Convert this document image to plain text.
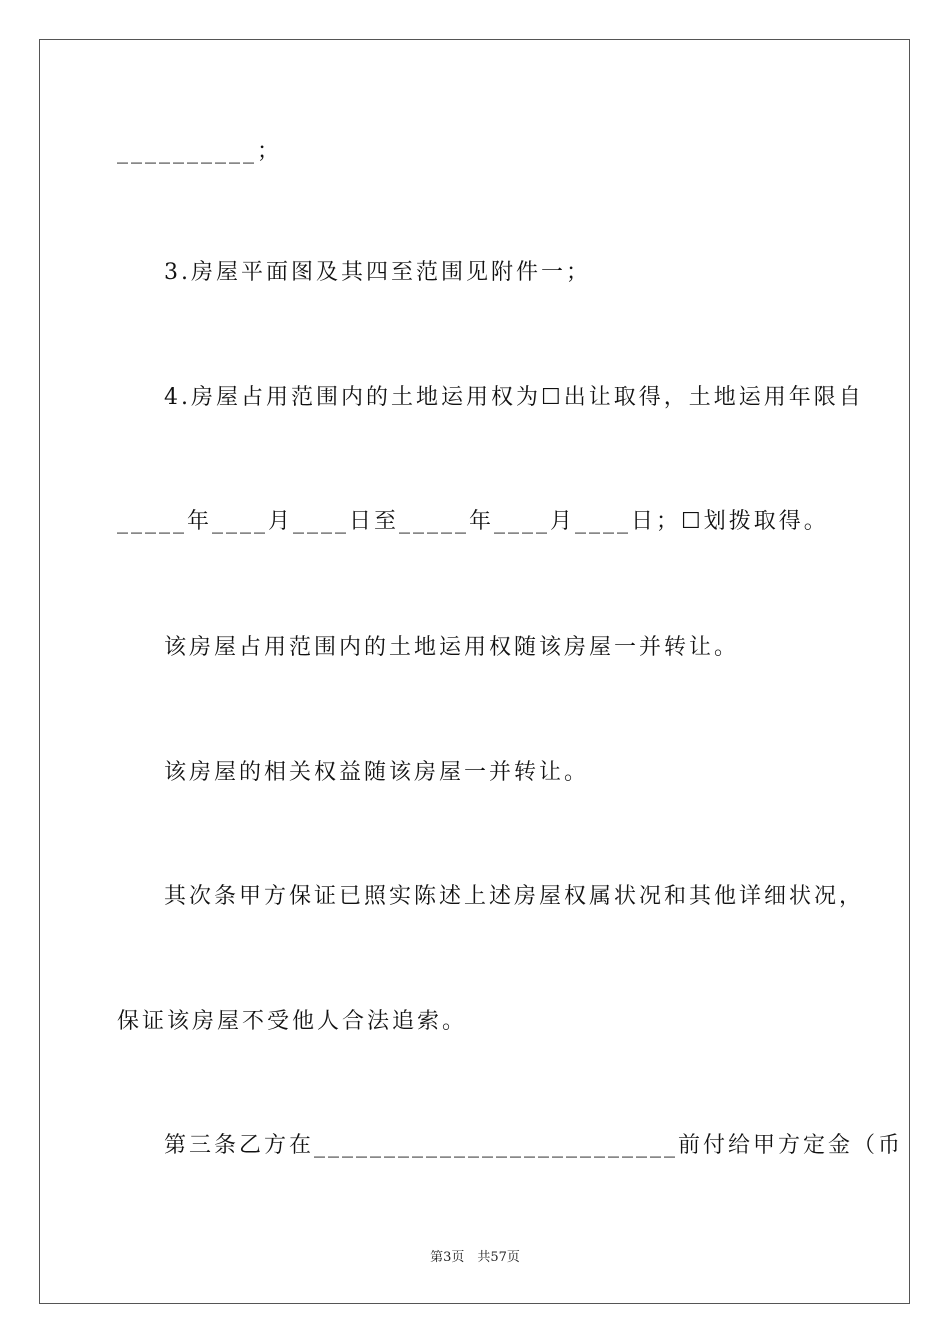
__________；
3.房屋平面图及其四至范围见附件一；
4.房屋占用范围内的土地运用权为☐出让取得，土地运用年限自
_____年____月____日至_____年____月____日；☐划拨取得。
该房屋占用范围内的土地运用权随该房屋一并转让。
该房屋的相关权益随该房屋一并转让。
其次条甲方保证已照实陈述上述房屋权属状况和其他详细状况，
保证该房屋不受他人合法追索。
第三条乙方在__________________________前付给甲方定金（币
第3页　共57页
